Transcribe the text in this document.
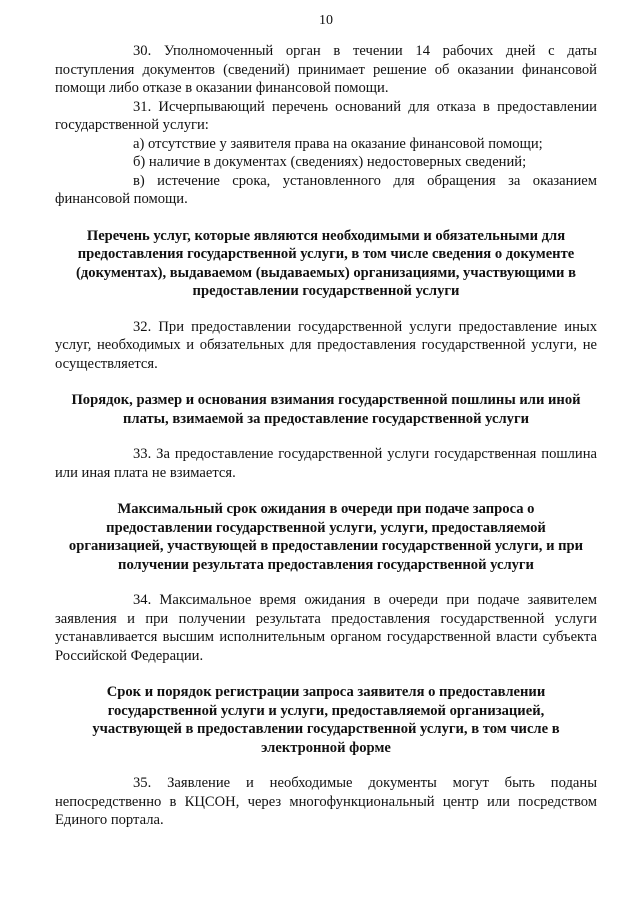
10

30. Уполномоченный орган в течении 14 рабочих дней с даты поступления документов (сведений) принимает решение об оказании финансовой помощи либо отказе в оказании финансовой помощи.

31. Исчерпывающий перечень оснований для отказа в предоставлении государственной услуги:

а) отсутствие у заявителя права на оказание финансовой помощи;

б) наличие в документах (сведениях) недостоверных сведений;

в) истечение срока, установленного для обращения за оказанием финансовой помощи.

Перечень услуг, которые являются необходимыми и обязательными для предоставления государственной услуги, в том числе сведения о документе (документах), выдаваемом (выдаваемых) организациями, участвующими в предоставлении государственной услуги

32. При предоставлении государственной услуги предоставление иных услуг, необходимых и обязательных для предоставления государственной услуги, не осуществляется.

Порядок, размер и основания взимания государственной пошлины или иной платы, взимаемой за предоставление государственной услуги

33. За предоставление государственной услуги государственная пошлина или иная плата не взимается.

Максимальный срок ожидания в очереди при подаче запроса о предоставлении государственной услуги, услуги, предоставляемой организацией, участвующей в предоставлении государственной услуги, и при получении результата предоставления государственной услуги

34. Максимальное время ожидания в очереди при подаче заявителем заявления и при получении результата предоставления государственной услуги устанавливается высшим исполнительным органом государственной власти субъекта Российской Федерации.

Срок и порядок регистрации запроса заявителя о предоставлении государственной услуги и услуги, предоставляемой организацией, участвующей в предоставлении государственной услуги, в том числе в электронной форме

35. Заявление и необходимые документы могут быть поданы непосредственно в КЦСОН, через многофункциональный центр или посредством Единого портала.
